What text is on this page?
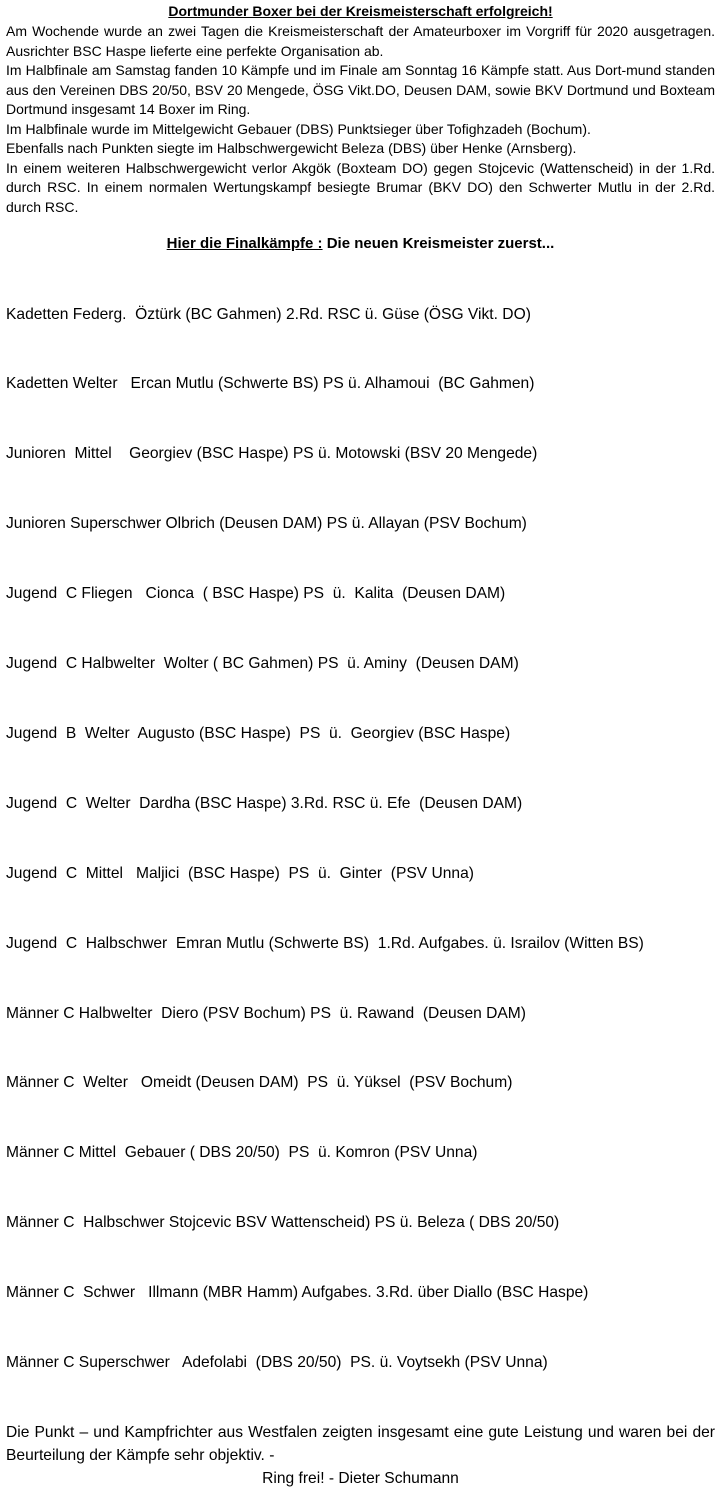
Dortmunder Boxer bei der Kreismeisterschaft erfolgreich!

Am Wochende wurde an zwei Tagen die Kreismeisterschaft der Amateurboxer im Vorgriff für 2020 ausgetragen. Ausrichter BSC Haspe lieferte eine perfekte Organisation ab.

Im Halbfinale am Samstag fanden 10 Kämpfe und im Finale am Sonntag 16 Kämpfe statt. Aus Dort-mund standen aus den Vereinen DBS 20/50, BSV 20 Mengede, ÖSG Vikt.DO, Deusen DAM, sowie BKV Dortmund und Boxteam Dortmund insgesamt 14 Boxer im Ring.

Im Halbfinale wurde im Mittelgewicht Gebauer (DBS) Punktsieger über Tofighzadeh (Bochum).

Ebenfalls nach Punkten siegte im Halbschwergewicht Beleza (DBS) über Henke (Arnsberg).

In einem weiteren Halbschwergewicht verlor Akgök (Boxteam DO) gegen Stojcevic (Wattenscheid) in der 1.Rd. durch RSC. In einem normalen Wertungskampf besiegte Brumar (BKV DO) den Schwerter Mutlu in der 2.Rd. durch RSC.

Hier die Finalkämpfe : Die neuen Kreismeister zuerst...

Kadetten Federg.  Öztürk (BC Gahmen) 2.Rd. RSC ü. Güse (ÖSG Vikt. DO)

Kadetten Welter   Ercan Mutlu (Schwerte BS) PS ü. Alhamoui  (BC Gahmen)

Junioren  Mittel    Georgiev (BSC Haspe) PS ü. Motowski (BSV 20 Mengede)

Junioren Superschwer Olbrich (Deusen DAM) PS ü. Allayan (PSV Bochum)

Jugend  C Fliegen   Cionca  ( BSC Haspe) PS  ü.  Kalita  (Deusen DAM)

Jugend  C Halbwelter  Wolter ( BC Gahmen) PS  ü. Aminy  (Deusen DAM)

Jugend  B  Welter  Augusto (BSC Haspe)  PS  ü.  Georgiev (BSC Haspe)

Jugend  C  Welter  Dardha (BSC Haspe) 3.Rd. RSC ü. Efe  (Deusen DAM)

Jugend  C  Mittel   Maljici  (BSC Haspe)  PS  ü.  Ginter  (PSV Unna)

Jugend  C  Halbschwer  Emran Mutlu (Schwerte BS)  1.Rd. Aufgabes. ü. Israilov (Witten BS)

Männer C Halbwelter  Diero (PSV Bochum) PS  ü. Rawand  (Deusen DAM)

Männer C  Welter   Omeidt (Deusen DAM)  PS  ü. Yüksel  (PSV Bochum)

Männer C Mittel  Gebauer ( DBS 20/50)  PS  ü. Komron (PSV Unna)

Männer C  Halbschwer Stojcevic BSV Wattenscheid) PS ü. Beleza ( DBS 20/50)

Männer C  Schwer   Illmann (MBR Hamm) Aufgabes. 3.Rd. über Diallo (BSC Haspe)

Männer C Superschwer   Adefolabi  (DBS 20/50)  PS. ü. Voytsekh (PSV Unna)

Die Punkt – und Kampfrichter aus Westfalen zeigten insgesamt eine gute Leistung und waren bei der Beurteilung der Kämpfe sehr objektiv. -

Ring frei! - Dieter Schumann
